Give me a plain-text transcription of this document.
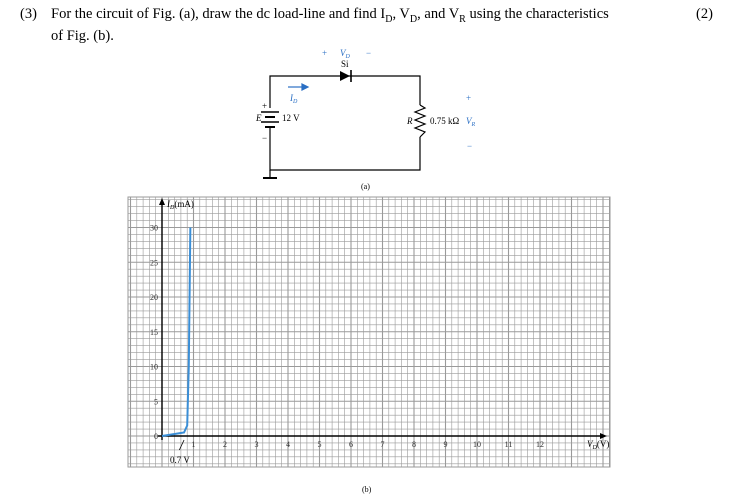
(3) For the circuit of Fig. (a), draw the dc load-line and find $I_D$, $V_D$, and $V_R$ using the characteristics
of Fig. (b).
(2)
$I_D$
+ $V_D$ −
Si
+
E 12 V
−
R 0.75 kΩ
+
$V_R$
−
(a)
0
5
10
15
20
25
30
1	2	3	4	5	6	7	8	9	10	11	12
$I_D(mA)$
$V_D(V)$
0.7 V
(b)
